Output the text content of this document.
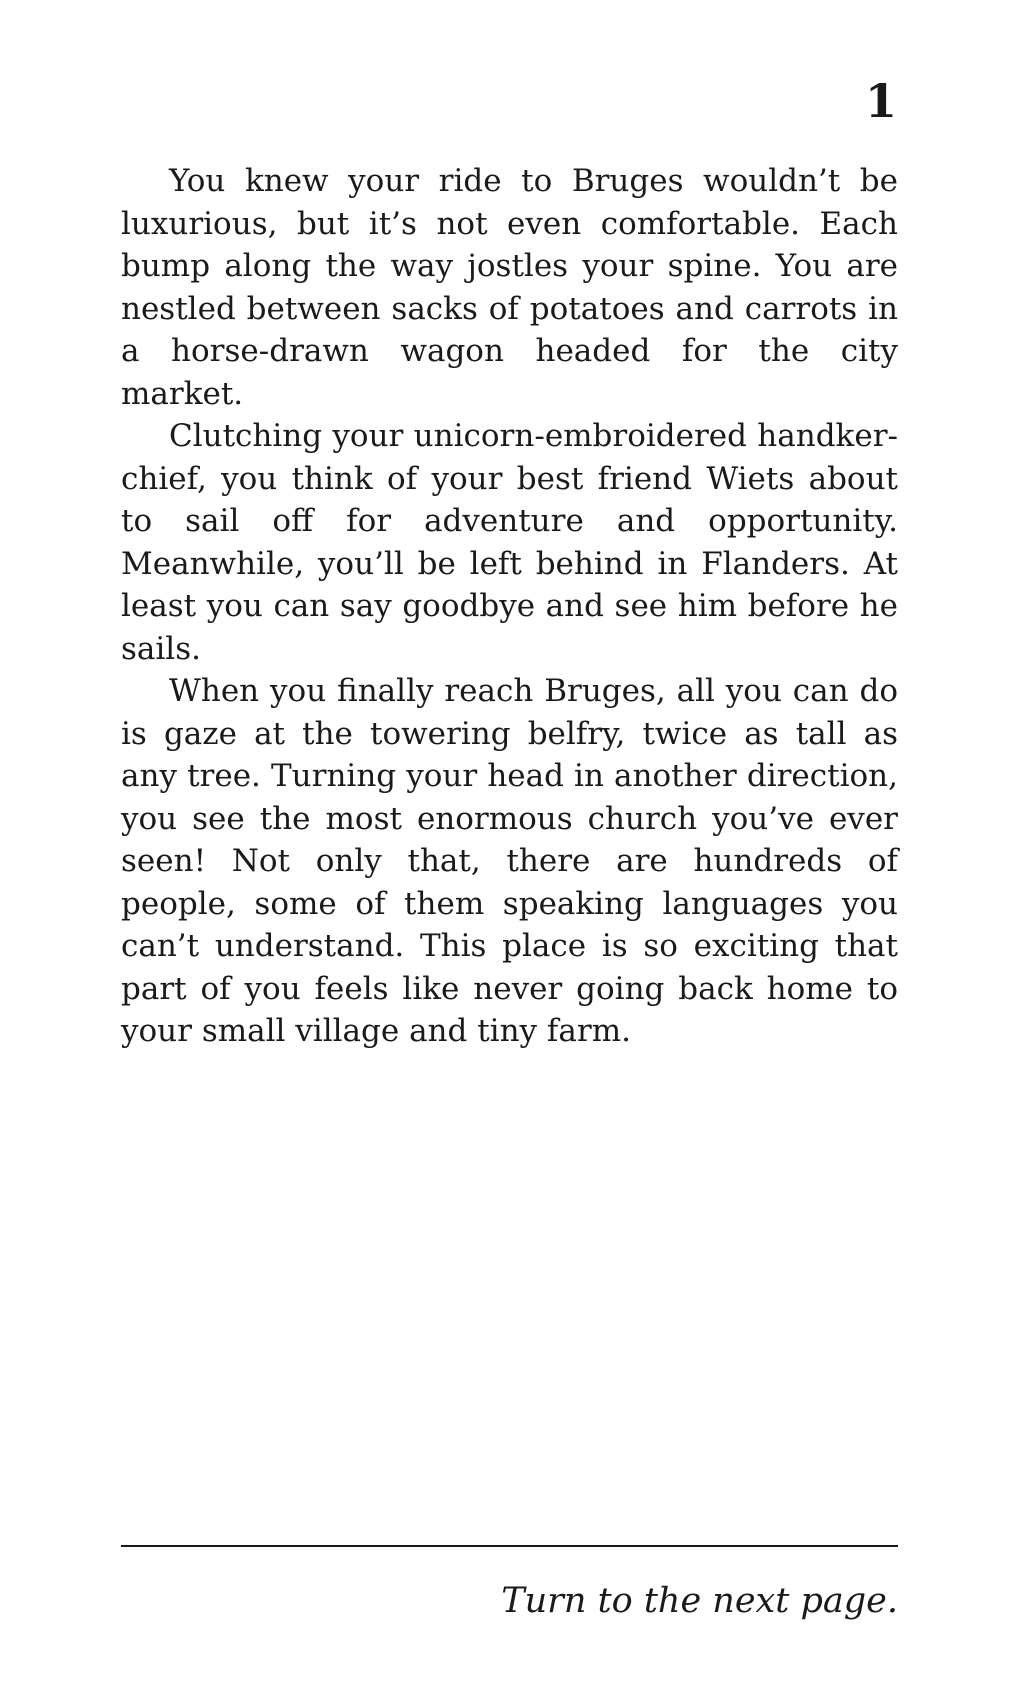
1

You knew your ride to Bruges wouldn’t be luxurious, but it’s not even comfortable. Each bump along the way jostles your spine. You are nestled between sacks of potatoes and carrots in a horse-drawn wagon headed for the city market.

Clutching your unicorn-embroidered handkerchief, you think of your best friend Wiets about to sail off for adventure and opportunity. Meanwhile, you’ll be left behind in Flanders. At least you can say goodbye and see him before he sails.

When you finally reach Bruges, all you can do is gaze at the towering belfry, twice as tall as any tree. Turning your head in another direction, you see the most enormous church you’ve ever seen! Not only that, there are hundreds of people, some of them speaking languages you can’t understand. This place is so exciting that part of you feels like never going back home to your small village and tiny farm.

Turn to the next page.
